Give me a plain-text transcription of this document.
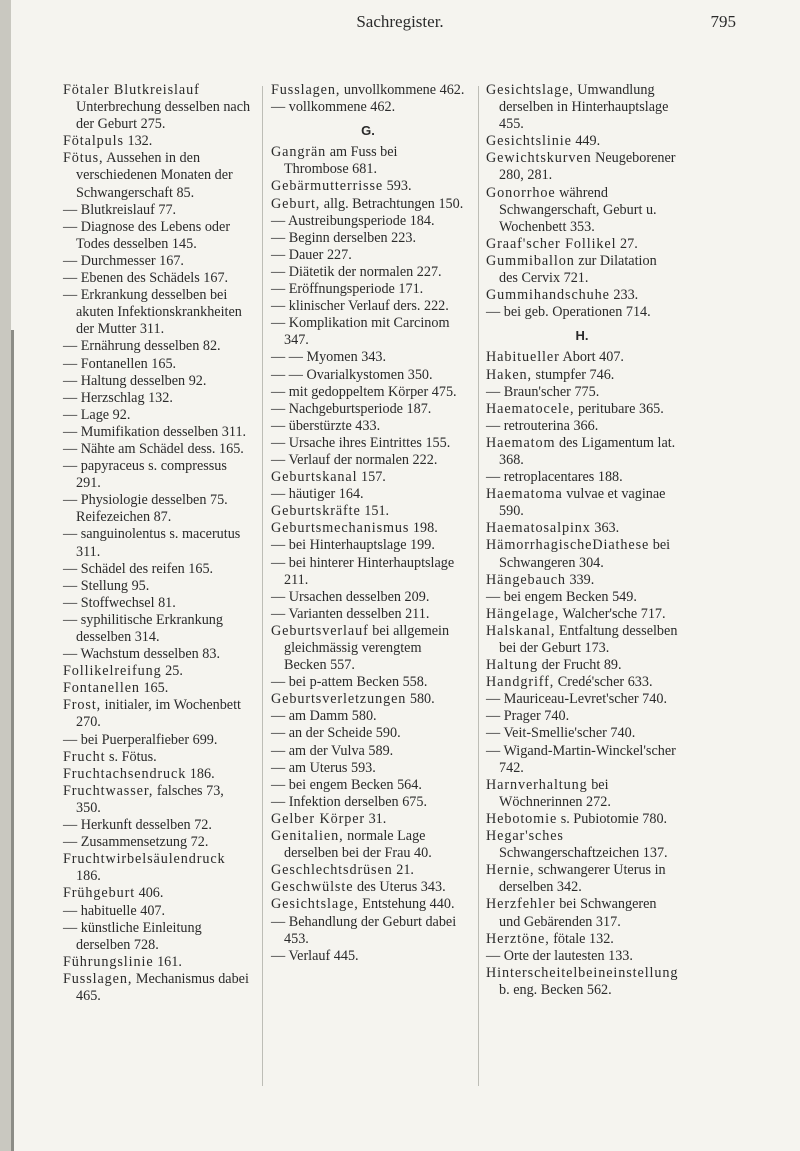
Sachregister.	795
Fötaler Blutkreislauf
Unterbrechung desselben nach der Geburt 275.
Fötalpuls 132.
Fötus, Aussehen in den verschiedenen Monaten der Schwangerschaft 85.
— Blutkreislauf 77.
— Diagnose des Lebens oder Todes desselben 145.
— Durchmesser 167.
— Ebenen des Schädels 167.
— Erkrankung desselben bei akuten Infektionskrankheiten der Mutter 311.
— Ernährung desselben 82.
— Fontanellen 165.
— Haltung desselben 92.
— Herzschlag 132.
— Lage 92.
— Mumifikation desselben 311.
— Nähte am Schädel dess. 165.
— papyraceus s. compressus 291.
— Physiologie desselben 75. Reifezeichen 87.
— sanguinolentus s. macerutus 311.
— Schädel des reifen 165.
— Stellung 95.
— Stoffwechsel 81.
— syphilitische Erkrankung desselben 314.
— Wachstum desselben 83.
Follikelreifung 25.
Fontanellen 165.
Frost, initialer, im Wochenbett 270.
— bei Puerperalfieber 699.
Frucht s. Fötus.
Fruchtachsendruck 186.
Fruchtwasser, falsches 73, 350.
— Herkunft desselben 72.
— Zusammensetzung 72.
Fruchtwirbelsäulendruck 186.
Frühgeburt 406.
— habituelle 407.
— künstliche Einleitung derselben 728.
Führungslinie 161.
Fusslagen, Mechanismus dabei 465.
Fusslagen, unvollkommene 462.
— vollkommene 462.
G.
Gangrän am Fuss bei Thrombose 681.
Gebärmutterrisse 593.
Geburt, allg. Betrachtungen 150.
— Austreibungsperiode 184.
— Beginn derselben 223.
— Dauer 227.
— Diätetik der normalen 227.
— Eröffnungsperiode 171.
— klinischer Verlauf ders. 222.
— Komplikation mit Carcinom 347.
— — Myomen 343.
— — Ovarialkystomen 350.
— mit gedoppeltem Körper 475.
— Nachgeburtsperiode 187.
— überstürzte 433.
— Ursache ihres Eintrittes 155.
— Verlauf der normalen 222.
Geburtskanal 157.
— häutiger 164.
Geburtskräfte 151.
Geburtsmechanismus 198.
— bei Hinterhauptslage 199.
— bei hinterer Hinterhauptslage 211.
— Ursachen desselben 209.
— Varianten desselben 211.
Geburtsverlauf bei allgemein gleichmässig verengtem Becken 557.
— bei p-attem Becken 558.
Geburtsverletzungen 580.
— am Damm 580.
— an der Scheide 590.
— am der Vulva 589.
— am Uterus 593.
— bei engem Becken 564.
— Infektion derselben 675.
Gelber Körper 31.
Genitalien, normale Lage derselben bei der Frau 40.
Geschlechtsdrüsen 21.
Geschwülste des Uterus 343.
Gesichtslage, Entstehung 440.
— Behandlung der Geburt dabei 453.
— Verlauf 445.
Gesichtslage, Umwandlung derselben in Hinterhauptslage 455.
Gesichtslinie 449.
Gewichtskurven Neugeborener 280, 281.
Gonorrhoe während Schwangerschaft, Geburt u. Wochenbett 353.
Graaf'scher Follikel 27.
Gummiballon zur Dilatation des Cervix 721.
Gummihandschuhe 233.
— bei geb. Operationen 714.
H.
Habitueller Abort 407.
Haken, stumpfer 746.
— Braun'scher 775.
Haematocele, peritubare 365.
— retrouterina 366.
Haematom des Ligamentum lat. 368.
— retroplacentares 188.
Haematoma vulvae et vaginae 590.
Haematosalpinx 363.
HämorrhagischeDiathese bei Schwangeren 304.
Hängebauch 339.
— bei engem Becken 549.
Hängelage, Walcher'sche 717.
Halskanal, Entfaltung desselben bei der Geburt 173.
Haltung der Frucht 89.
Handgriff, Credé'scher 633.
— Mauriceau-Levret'scher 740.
— Prager 740.
— Veit-Smellie'scher 740.
— Wigand-Martin-Winckel'scher 742.
Harnverhaltung bei Wöchnerinnen 272.
Hebotomie s. Pubiotomie 780.
Hegar'sches Schwangerschaftzeichen 137.
Hernie, schwangerer Uterus in derselben 342.
Herzfehler bei Schwangeren und Gebärenden 317.
Herztöne, fötale 132.
— Orte der lautesten 133.
Hinterscheitelbeineinstellung b. eng. Becken 562.
